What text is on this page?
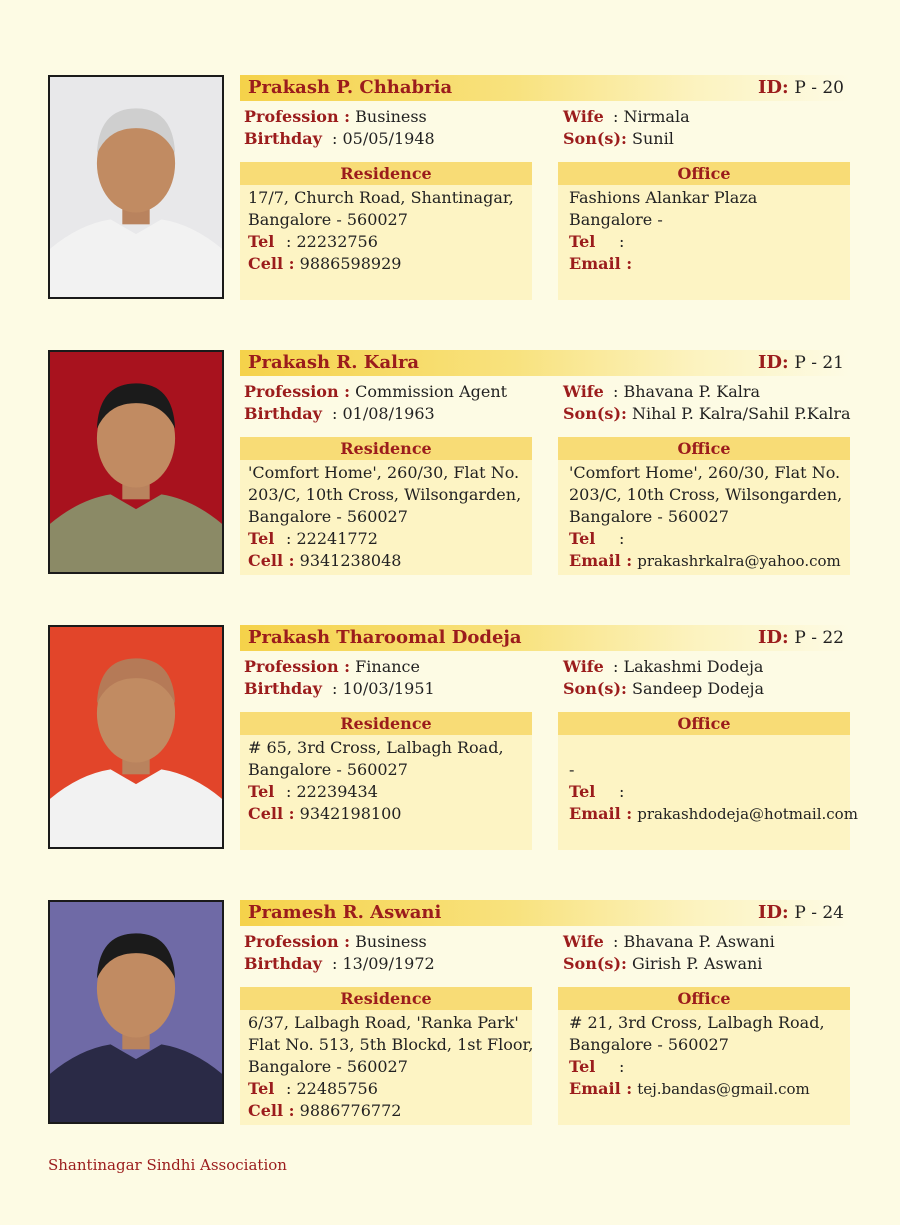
Prakash P. Chhabria	ID: P - 20
Profession : Business
Birthday : 05/05/1948
Wife : Nirmala
Son(s): Sunil
Residence
17/7, Church Road, Shantinagar,
Bangalore - 560027
Tel : 22232756
Cell : 9886598929
Office
Fashions Alankar Plaza
Bangalore -
Tel :
Email :
Prakash R. Kalra	ID: P - 21
Profession : Commission Agent
Birthday : 01/08/1963
Wife : Bhavana P. Kalra
Son(s): Nihal P. Kalra/Sahil P.Kalra
Residence
'Comfort Home', 260/30, Flat No.
203/C, 10th Cross, Wilsongarden,
Bangalore - 560027
Tel : 22241772
Cell : 9341238048
Office
'Comfort Home', 260/30, Flat No.
203/C, 10th Cross, Wilsongarden,
Bangalore - 560027
Tel :
Email : prakashrkalra@yahoo.com
Prakash Tharoomal Dodeja	ID: P - 22
Profession : Finance
Birthday : 10/03/1951
Wife : Lakashmi Dodeja
Son(s): Sandeep Dodeja
Residence
# 65, 3rd Cross, Lalbagh Road,
Bangalore - 560027
Tel : 22239434
Cell : 9342198100
Office

-
Tel :
Email : prakashdodeja@hotmail.com
Pramesh R. Aswani	ID: P - 24
Profession : Business
Birthday : 13/09/1972
Wife : Bhavana P. Aswani
Son(s): Girish P. Aswani
Residence
6/37, Lalbagh Road, 'Ranka Park'
Flat No. 513, 5th Blockd, 1st Floor,
Bangalore - 560027
Tel : 22485756
Cell : 9886776772
Office
# 21, 3rd Cross, Lalbagh Road,
Bangalore - 560027
Tel :
Email : tej.bandas@gmail.com
Shantinagar Sindhi Association
